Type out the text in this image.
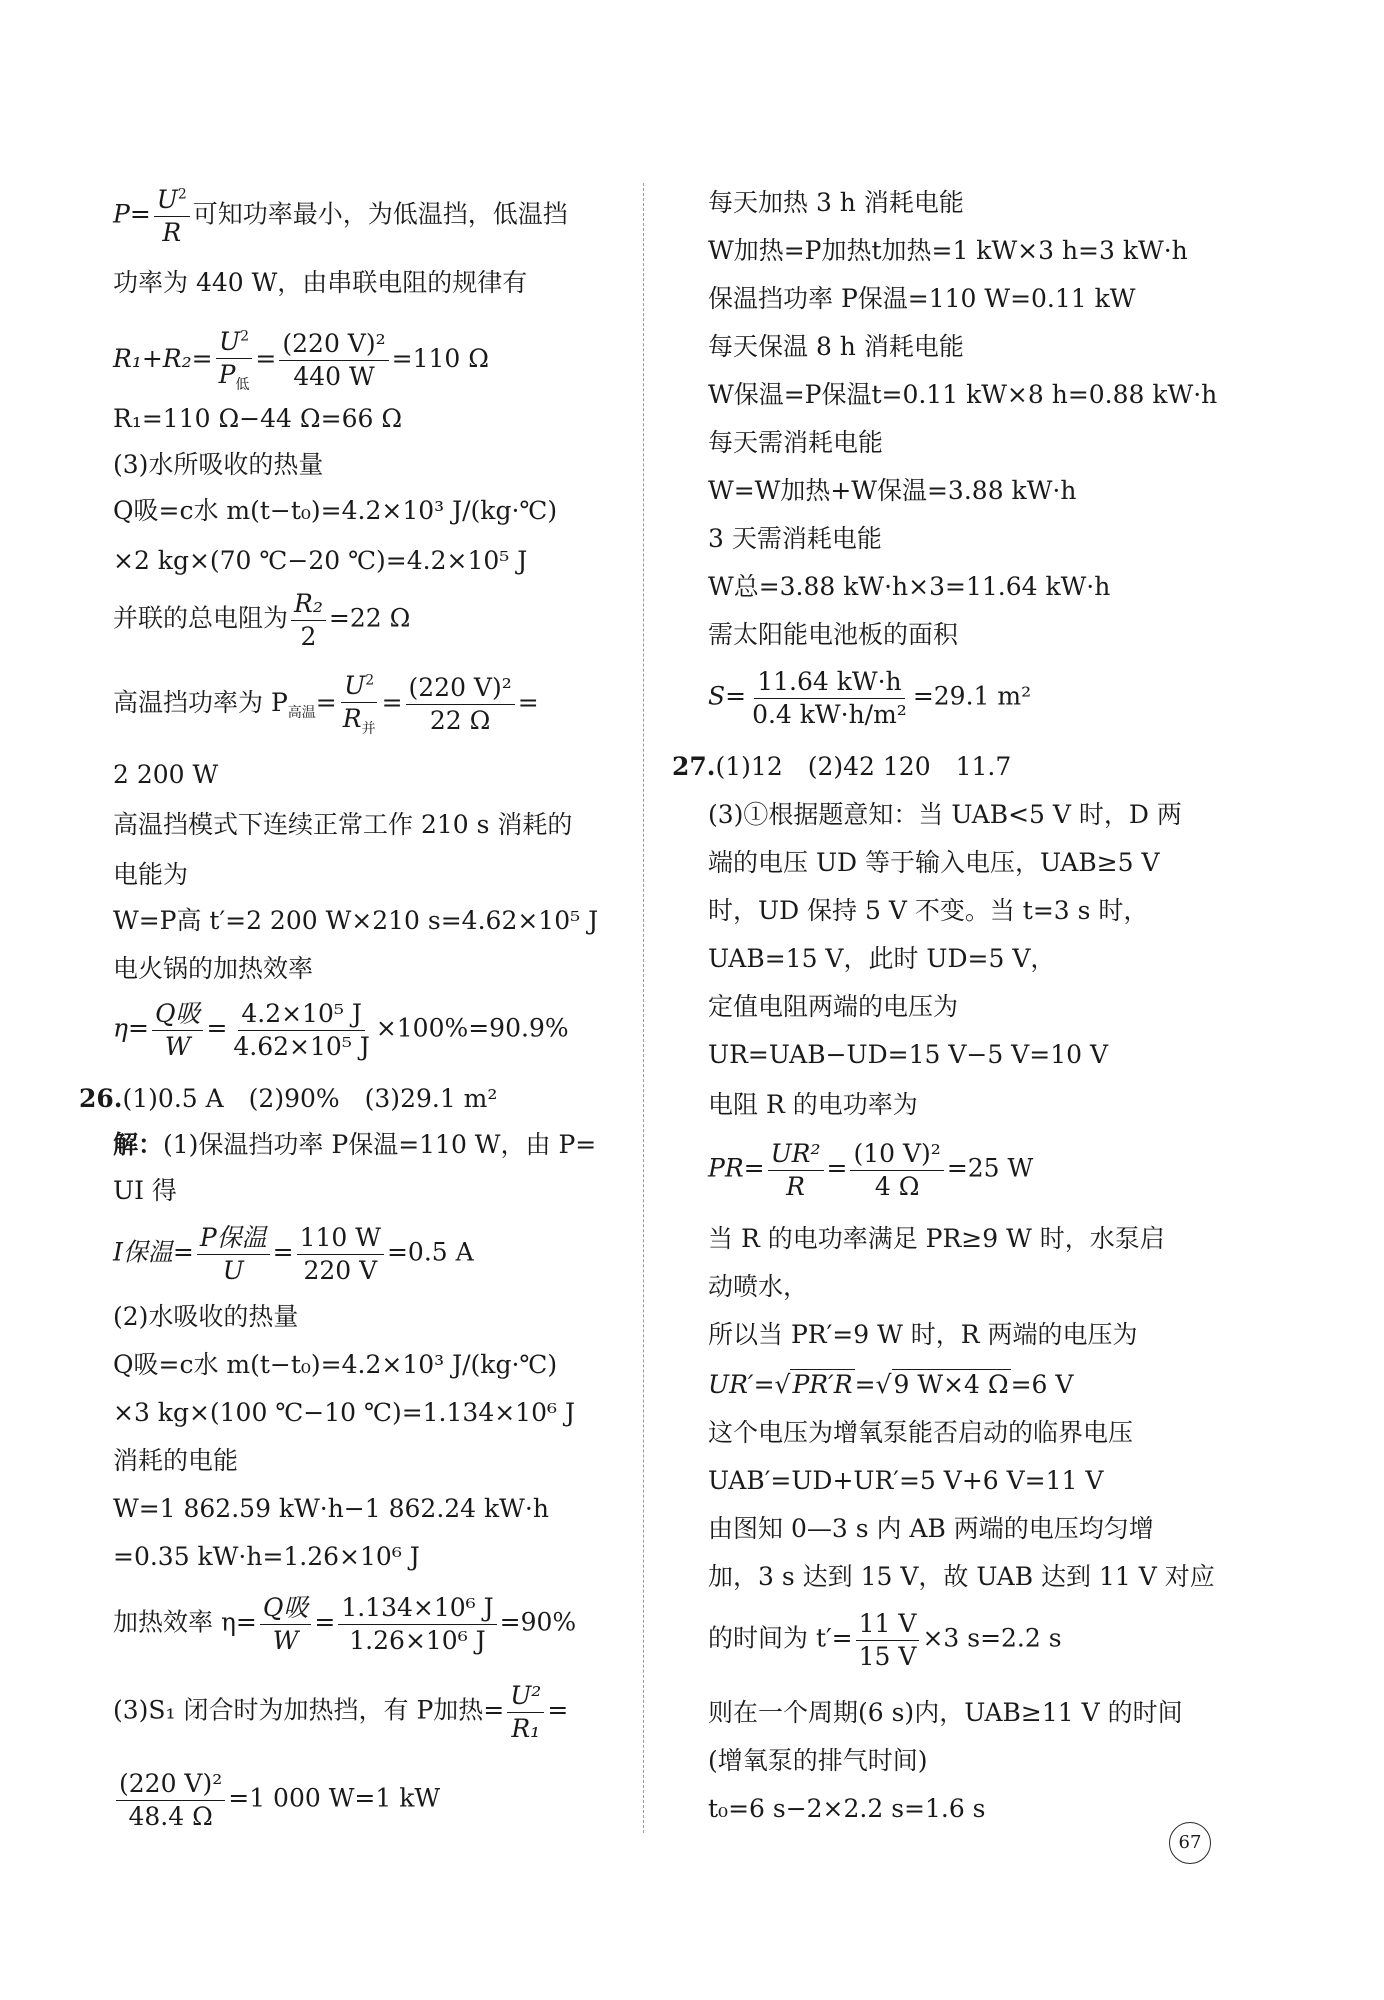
$P= \frac{U^2}{R}$ 可知功率最小，为低温挡，低温挡
功率为 440 W，由串联电阻的规律有
$R_1+R_2= \frac{U^2}{P_低} = \frac{\text{(220 V)²}}{440 W} =110$ Ω
R₁=110 Ω−44 Ω=66 Ω
(3)水所吸收的热量
Q吸=c水 m(t−t₀)=4.2×10³ J/(kg·℃)
×2 kg×(70 ℃−20 ℃)=4.2×10⁵ J
并联的总电阻为 $\frac{\text{R₂}}{2} =22$ Ω
高温挡功率为 $P_{高温}= \frac{U^2}{R_并} = \frac{\text{(220 V)²}}{22 \Omega}$ =
2 200 W
高温挡模式下连续正常工作 210 s 消耗的
电能为
W=P高 t′=2 200 W×210 s=4.62×10⁵ J
电火锅的加热效率
$\eta= \frac{\text{Q吸}}{W} = \frac{\text{4.2×10⁵ J}}{\text{4.62×10⁵ J}} \times 100\%=90.9\%$
26.(1)0.5 A　(2)90%　(3)29.1 m²
解：(1)保温挡功率 P保温=110 W，由 P=
UI 得
I保温= $\frac{\text{P保温}}{U} = \frac{110 W}{220 V} =0.5$ A
(2)水吸收的热量
Q吸=c水 m(t−t₀)=4.2×10³ J/(kg·℃)
×3 kg×(100 ℃−10 ℃)=1.134×10⁶ J
消耗的电能
W=1 862.59 kW·h−1 862.24 kW·h
=0.35 kW·h=1.26×10⁶ J
加热效率 $\eta= \frac{\text{Q吸}}{W} = \frac{\text{1.134×10⁶ J}}{\text{1.26×10⁶ J}} =90\%$
(3)S₁ 闭合时为加热挡，有 P加热= $\frac{\text{U²}}{\text{R₁}}$ =
$\frac{\text{(220 V)²}}{48.4 \Omega} =1$ 000 W=1 kW
每天加热 3 h 消耗电能
W加热=P加热t加热=1 kW×3 h=3 kW·h
保温挡功率 P保温=110 W=0.11 kW
每天保温 8 h 消耗电能
W保温=P保温t=0.11 kW×8 h=0.88 kW·h
每天需消耗电能
W=W加热+W保温=3.88 kW·h
3 天需消耗电能
W总=3.88 kW·h×3=11.64 kW·h
需太阳能电池板的面积
$S= \frac{11.64 kW\cdot h}{\text{0.4 kW·h/m²}} =29.1$ m²
27.(1)12　(2)42 120　11.7
(3)①根据题意知：当 UAB<5 V 时，D 两
端的电压 UD 等于输入电压，UAB≥5 V
时，UD 保持 5 V 不变。当 t=3 s 时，
UAB=15 V，此时 UD=5 V，
定值电阻两端的电压为
UR=UAB−UD=15 V−5 V=10 V
电阻 R 的电功率为
$PR= \frac{\text{UR²}}{R} = \frac{\text{(10 V)²}}{4 \Omega} =25$ W
当 R 的电功率满足 PR≥9 W 时，水泵启
动喷水，
所以当 PR′=9 W 时，R 两端的电压为
UR′=√PR′R=√9 W×4 Ω=6 V
这个电压为增氧泵能否启动的临界电压
UAB′=UD+UR′=5 V+6 V=11 V
由图知 0—3 s 内 AB 两端的电压均匀增
加，3 s 达到 15 V，故 UAB 达到 11 V 对应
的时间为 $t'= \frac{11 V}{15 V} \times 3$ s=2.2 s
则在一个周期(6 s)内，UAB≥11 V 的时间
(增氧泵的排气时间)
t₀=6 s−2×2.2 s=1.6 s
67
